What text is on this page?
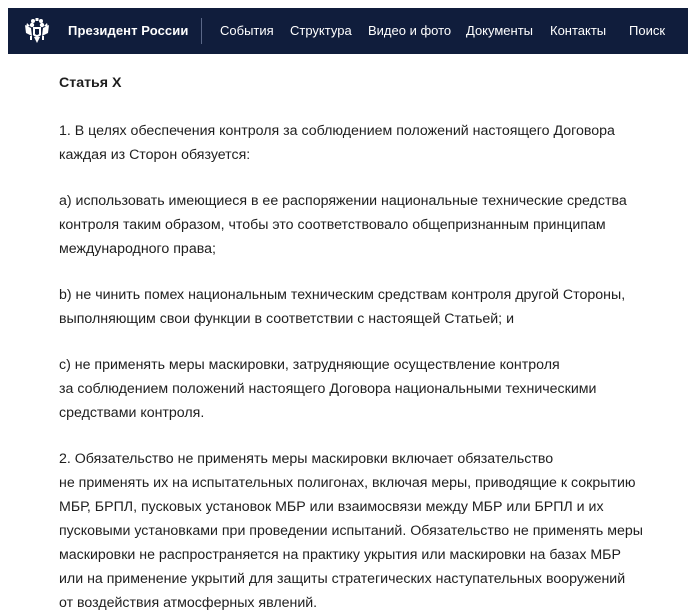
Президент России События Структура Видео и фото Документы Контакты Поиск
Статья X
1. В целях обеспечения контроля за соблюдением положений настоящего Договора
каждая из Сторон обязуется:
a) использовать имеющиеся в ее распоряжении национальные технические средства
контроля таким образом, чтобы это соответствовало общепризнанным принципам
международного права;
b) не чинить помех национальным техническим средствам контроля другой Стороны,
выполняющим свои функции в соответствии с настоящей Статьей; и
c) не применять меры маскировки, затрудняющие осуществление контроля
за соблюдением положений настоящего Договора национальными техническими
средствами контроля.
2. Обязательство не применять меры маскировки включает обязательство
не применять их на испытательных полигонах, включая меры, приводящие к сокрытию
МБР, БРПЛ, пусковых установок МБР или взаимосвязи между МБР или БРПЛ и их
пусковыми установками при проведении испытаний. Обязательство не применять меры
маскировки не распространяется на практику укрытия или маскировки на базах МБР
или на применение укрытий для защиты стратегических наступательных вооружений
от воздействия атмосферных явлений.
